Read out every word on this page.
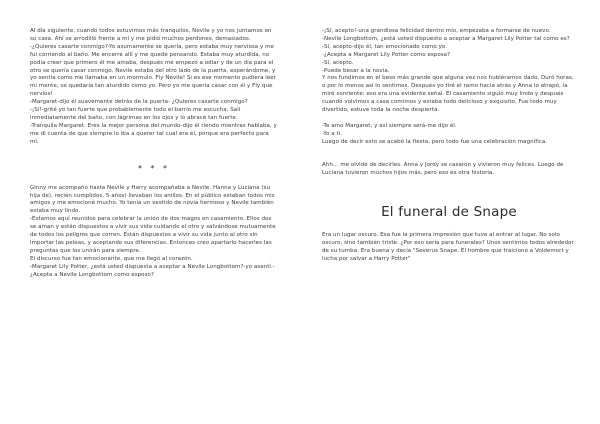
Al día siguiente, cuando todos estuvimos más tranquilos, Nevile y yo nos juntamos en su casa. Ahí se arrodilló frente a mi y me pidió muchos perdones, demasiados.

-¿Quieres casarte conmigo?-Yo asumamente se quería, pero estaba muy nerviosa y me fui corriendo al baño. Me encerré allí y me quedé pensando. Estaba muy aturdida, no podía creer que primero él me amaba, después me empezó a odiar y de un día para el otro se quería casar conmigo. Nevile estaba del otro lado de la puerta, esperándome, y yo sentía como me llamaba en un mormulo. Fly Nevile! Si es ese momento pudiera leer mi mente, se quedaría tan aturdido como yo. Pero yo me quería casar con él y Fly que nervios!

-Margaret-dijo él suavemente detrás de la puerta- ¿Quieres casarte conmigo?

-¡Sí!-grité yo tan fuerte que probablemente todo el barrio me escucha. Salí inmediatamente del baño, con lágrimas en los ojos y lo abracé tan fuerte.

-Tranquila Margaret. Eres la mejor persona del mundo-dijo él riendo mientras hablaba, y me di cuenta de que siempre lo iba a querer tal cual era él, porque era perfecto para mí.

* * *

Ginny me acompañó hasta Nevile y Harry acompañaba a Nevile. Hanna y Luciana (su hija de), recién cumplidos, 5 años) llevaban los anillos. En el público estaban todos mis amigos y me emocioné mucho. Yo tenía un vestido de novia hermoso y Nevile también estaba muy lindo.

-Estamos aquí reunidos para celebrar la unión de dos magos en casamiento. Ellos dos se aman y están dispuestos a vivir sus vida cuidando el otro y salvándose mutuamente de todos los peligros que corren. Están dispuestos a vivir su vida junto al otro sin importar las peleas, y aceptando sus diferencias. Entonces creo apartarlo hacerles las preguntas que los unirán para siempre.

El discurso fue tan emocionante, que me llegó al corazón.

-Margaret Lily Potter, ¿está usted dispuesta a aceptar a Nevile Longbottom?-yo asentí.-¿Acepta a Nevile Longbottom como esposo?

-¡Sí, acepto!-una grandiosa felicidad dentro mío, empezaba a formarse de nuevo.

-Nevile Longbottom, ¿está usted dispuesto a aceptar a Margaret Lily Potter tal como es?

-Sí, acepto-dijo él, tan emocionado como yo.

-¿Acepta a Margaret Lily Potter como esposa?

-Sí, acepto.

-Puede besar a la novia.

Y nos fundimos en el beso más grande que alguna vez nos hubiéramos dado. Duró horas, o por lo menos así lo sentimos. Después yo tiré el ramo hacia atrás y Anna lo atrapó, la miré sonriente: eso era una evidente señal. El casamiento siguió muy lindo y después cuando volvimos a casa comimos y estaba todo delicioso y exquisito. Fue todo muy divertido, estuve toda la noche despierta.

-Te amo Margaret, y así siempre será-me dijo él.

-Yo a ti.

Luego de decir esto se acabó la fiesta, pero todo fue una celebración magnífica.

Ahh… me olvidé de decirles. Anna y Jordy se casaron y vivieron muy felices. Luego de Luciana tuvieron muchos hijos más, pero eso es otra historia.

El funeral de Snape

Era un lugar oscuro. Esa fue la primera impresión que tuve al entrar al lugar. No solo oscuro, sino también triste. ¿Por eso sería para funerales? Unos sentimos todos alrededor de su tumba. Era buena y decía "Severus Snape. El hombre que traicionó a Voldemort y lucha por salvar a Harry Potter"
